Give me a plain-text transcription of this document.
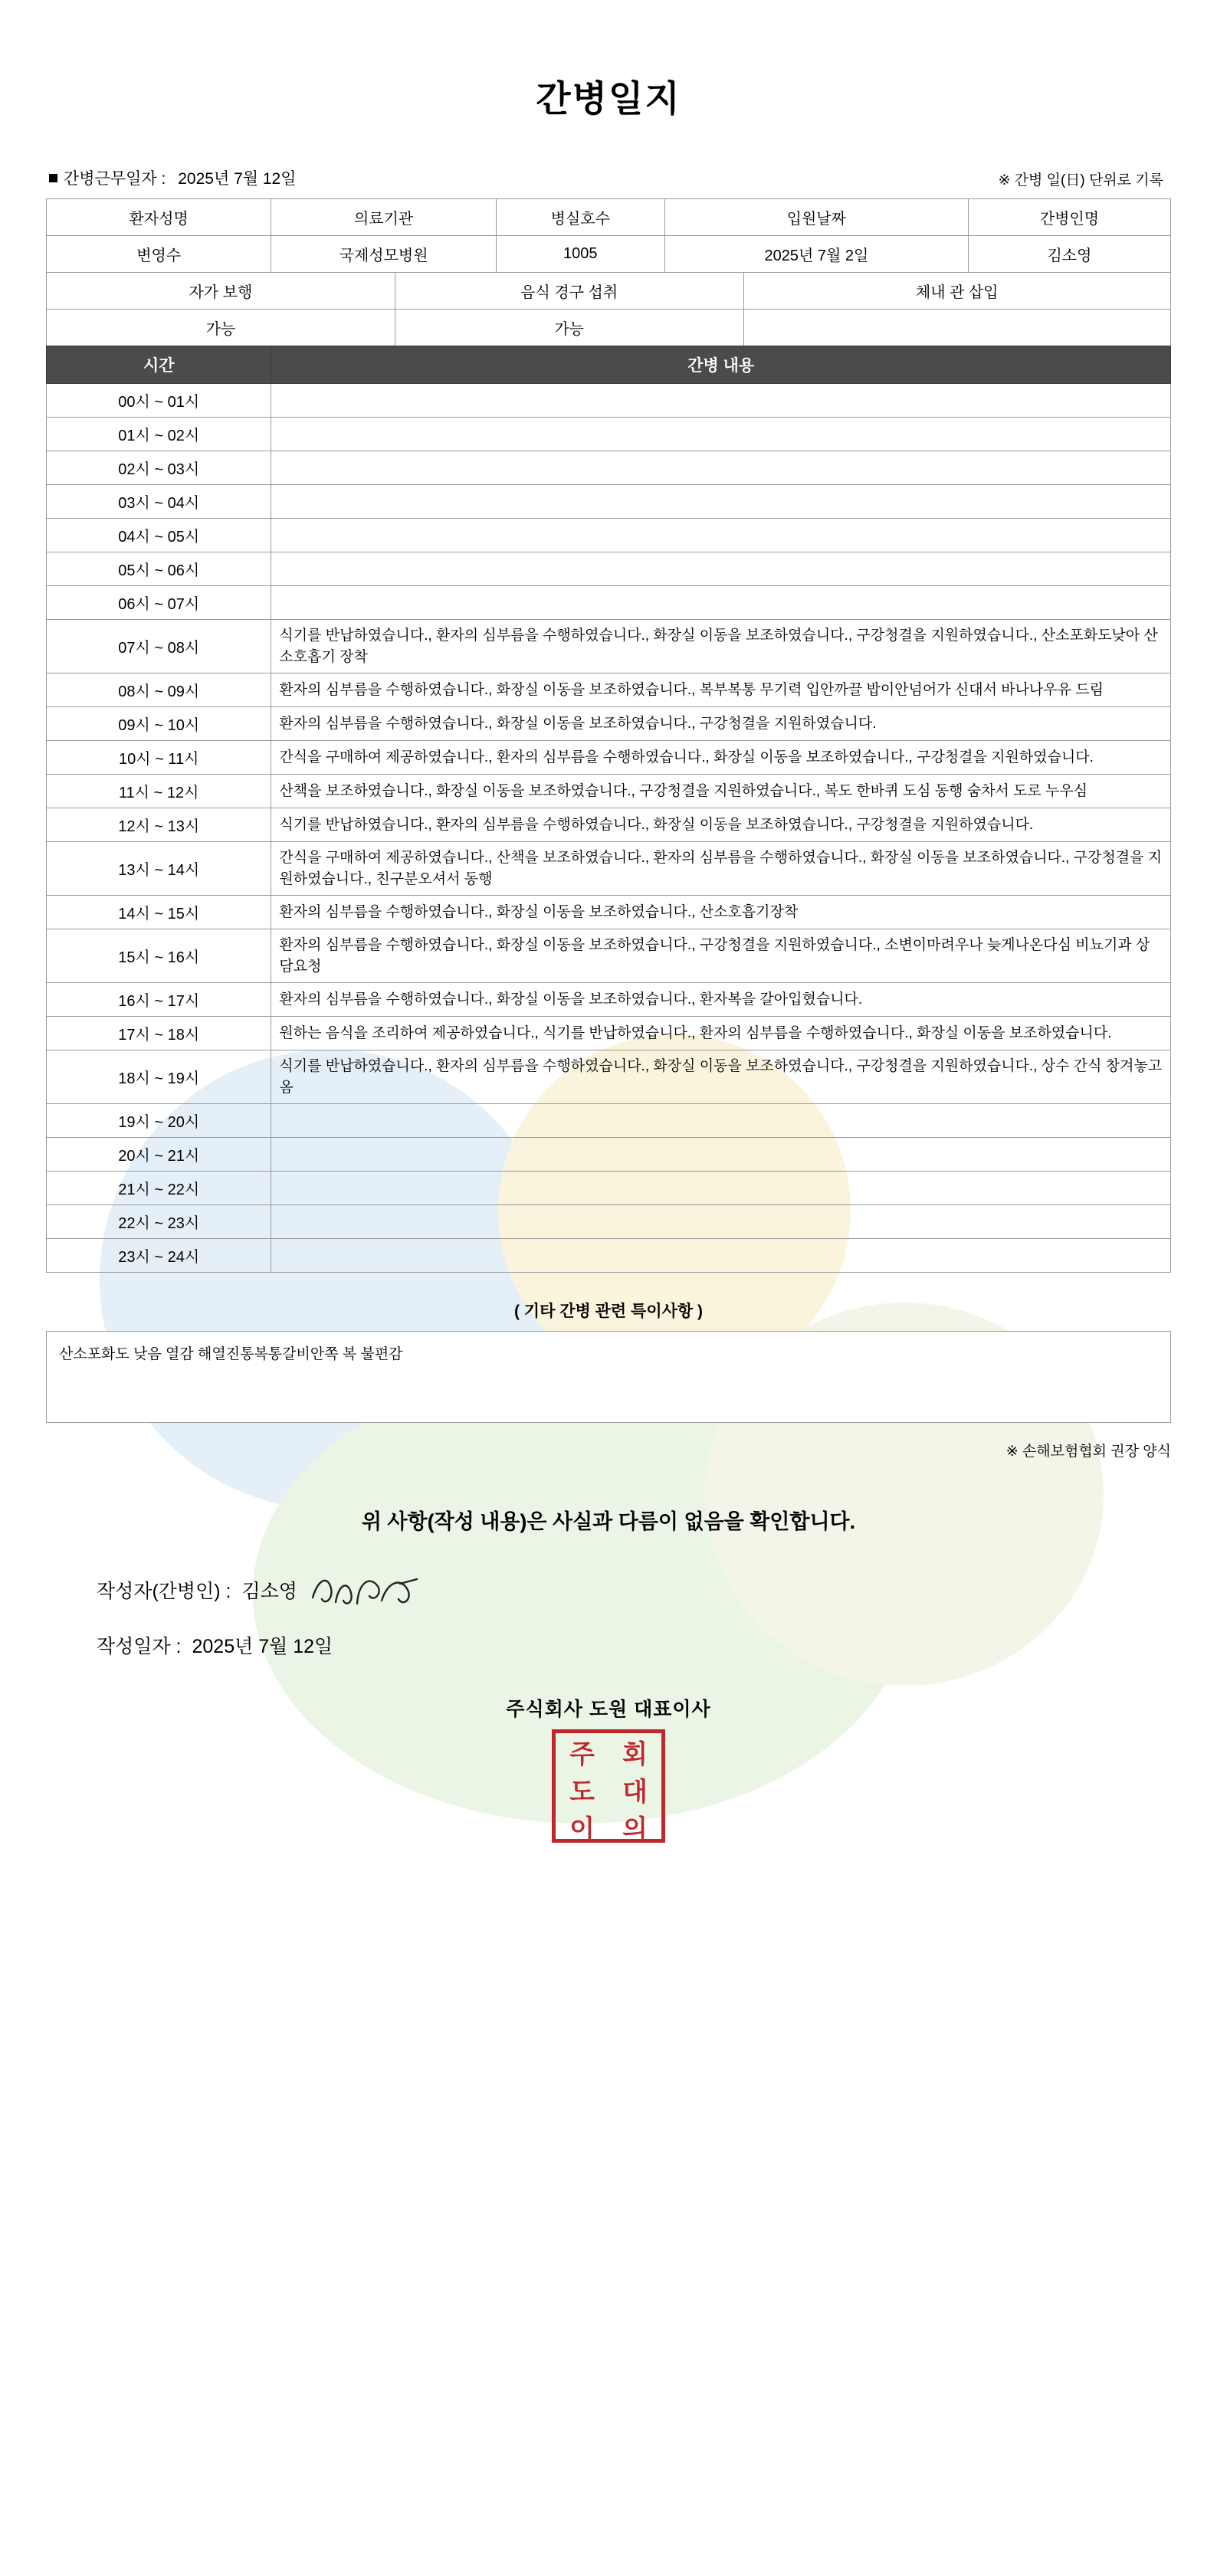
간병일지
간병근무일자 : 2025년 7월 12일	※ 간병 일(日) 단위로 기록
환자성명	의료기관	병실호수	입원날짜	간병인명
변영수	국제성모병원	1005	2025년 7월 2일	김소영
자가 보행	음식 경구 섭취	체내 관 삽입
가능	가능	
시간	간병 내용
00시 ~ 01시	
01시 ~ 02시	
02시 ~ 03시	
03시 ~ 04시	
04시 ~ 05시	
05시 ~ 06시	
06시 ~ 07시	
07시 ~ 08시	식기를 반납하였습니다., 환자의 심부름을 수행하였습니다., 화장실 이동을 보조하였습니다., 구강청결을 지원하였습니다., 산소포화도낮아 산소호흡기 장착
08시 ~ 09시	환자의 심부름을 수행하였습니다., 화장실 이동을 보조하였습니다., 복부복통 무기력 입안까끌 밥이안넘어가 신대서 바나나우유 드림
09시 ~ 10시	환자의 심부름을 수행하였습니다., 화장실 이동을 보조하였습니다., 구강청결을 지원하였습니다.
10시 ~ 11시	간식을 구매하여 제공하였습니다., 환자의 심부름을 수행하였습니다., 화장실 이동을 보조하였습니다., 구강청결을 지원하였습니다.
11시 ~ 12시	산책을 보조하였습니다., 화장실 이동을 보조하였습니다., 구강청결을 지원하였습니다., 복도 한바퀴 도심 동행 숨차서 도로 누우심
12시 ~ 13시	식기를 반납하였습니다., 환자의 심부름을 수행하였습니다., 화장실 이동을 보조하였습니다., 구강청결을 지원하였습니다.
13시 ~ 14시	간식을 구매하여 제공하였습니다., 산책을 보조하였습니다., 환자의 심부름을 수행하였습니다., 화장실 이동을 보조하였습니다., 구강청결을 지원하였습니다., 친구분오셔서 동행
14시 ~ 15시	환자의 심부름을 수행하였습니다., 화장실 이동을 보조하였습니다., 산소호흡기장착
15시 ~ 16시	환자의 심부름을 수행하였습니다., 화장실 이동을 보조하였습니다., 구강청결을 지원하였습니다., 소변이마려우나 늦게나온다심 비뇨기과 상담요청
16시 ~ 17시	환자의 심부름을 수행하였습니다., 화장실 이동을 보조하였습니다., 환자복을 갈아입혔습니다.
17시 ~ 18시	원하는 음식을 조리하여 제공하였습니다., 식기를 반납하였습니다., 환자의 심부름을 수행하였습니다., 화장실 이동을 보조하였습니다.
18시 ~ 19시	식기를 반납하였습니다., 환자의 심부름을 수행하였습니다., 화장실 이동을 보조하였습니다., 구강청결을 지원하였습니다., 상수 간식 창겨놓고 옴
19시 ~ 20시	
20시 ~ 21시	
21시 ~ 22시	
22시 ~ 23시	
23시 ~ 24시	
( 기타 간병 관련 특이사항 )
산소포화도 낮음 열감 해열진통복통갈비안쪽 복 불편감
※ 손해보험협회 권장 양식
위 사항(작성 내용)은 사실과 다름이 없음을 확인합니다.
작성자(간병인) : 김소영
작성일자 : 2025년 7월 12일
주식회사 도원 대표이사
주 회
도 대
이 의
